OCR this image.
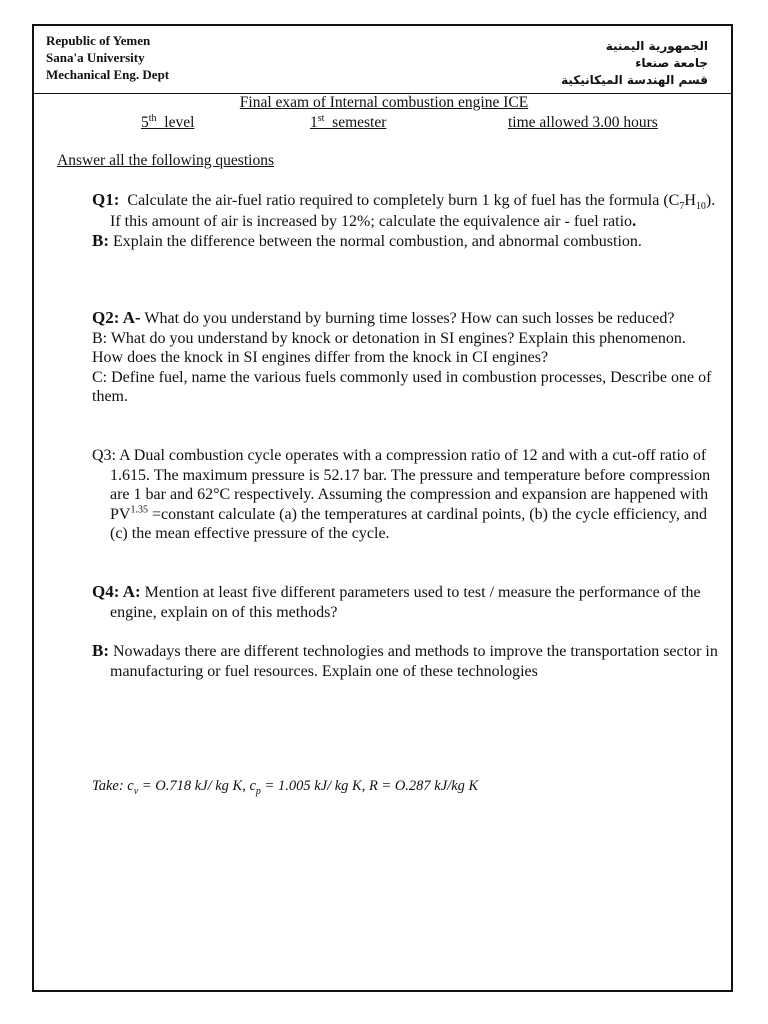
Republic of Yemen
Sana'a University
Mechanical Eng. Dept
الجمهورية اليمنية
جامعة صنعاء
قسم الهندسة الميكانيكية
Final exam of Internal combustion engine ICE
5th level	1st semester	time allowed 3.00 hours
Answer all the following questions

Q1: Calculate the air-fuel ratio required to completely burn 1 kg of fuel has the formula $(C_7H_{10})$. If this amount of air is increased by 12%; calculate the equivalence air - fuel ratio.

B: Explain the difference between the normal combustion, and abnormal combustion.

Q2: A- What do you understand by burning time losses? How can such losses be reduced?

B: What do you understand by knock or detonation in SI engines? Explain this phenomenon. How does the knock in SI engines differ from the knock in CI engines?

C: Define fuel, name the various fuels commonly used in combustion processes, Describe one of them.

Q3: A Dual combustion cycle operates with a compression ratio of 12 and with a cut-off ratio of 1.615. The maximum pressure is 52.17 bar. The pressure and temperature before compression are 1 bar and 62°C respectively. Assuming the compression and expansion are happened with $PV^{1.35}$ =constant calculate (a) the temperatures at cardinal points, (b) the cycle efficiency, and (c) the mean effective pressure of the cycle.

Q4: A: Mention at least five different parameters used to test / measure the performance of the engine, explain on of this methods?

B: Nowadays there are different technologies and methods to improve the transportation sector in manufacturing or fuel resources. Explain one of these technologies

Take: $c_v = O.718$ kJ/ kg K, $c_p = 1.005$ kJ/ kg K, R = O.287 kJ/kg K
